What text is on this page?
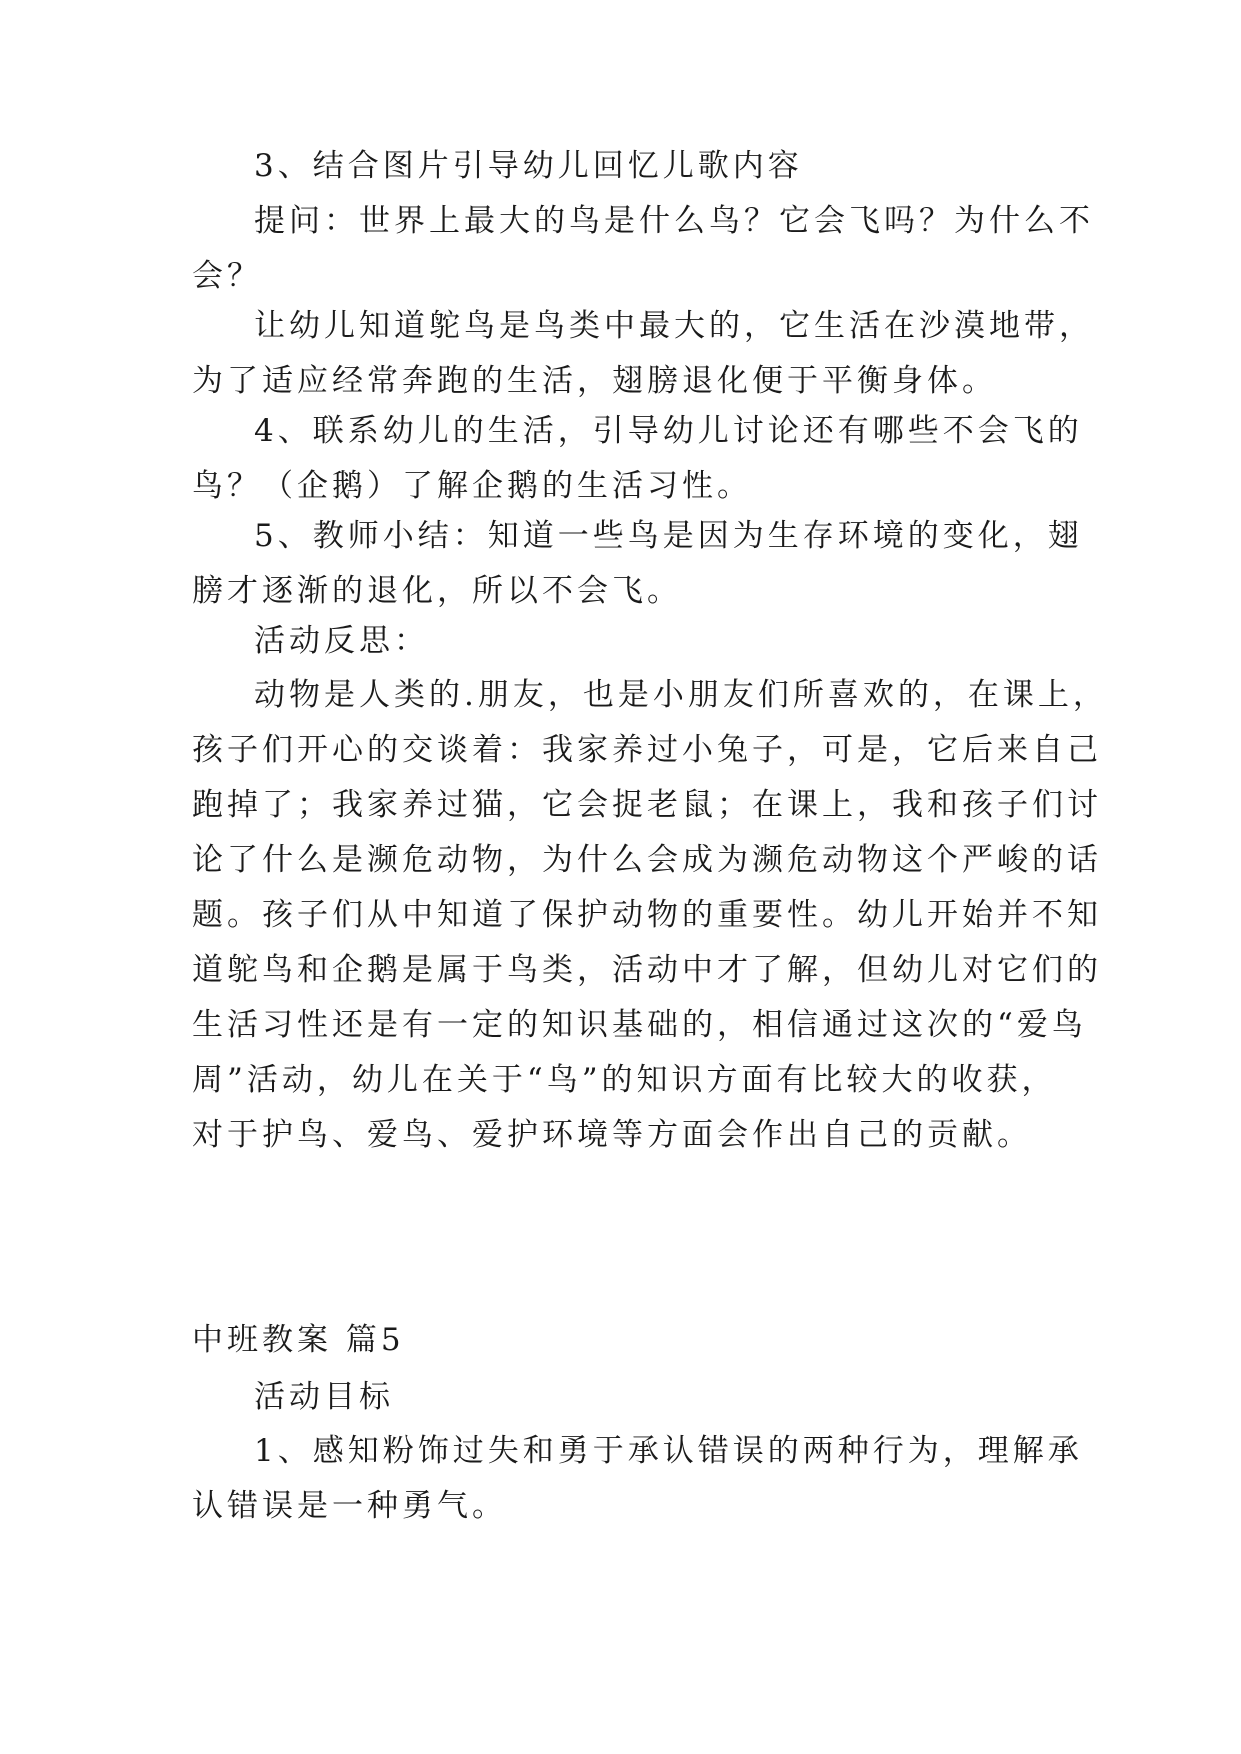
3、结合图片引导幼儿回忆儿歌内容

提问：世界上最大的鸟是什么鸟？它会飞吗？为什么不
会？

让幼儿知道鸵鸟是鸟类中最大的，它生活在沙漠地带，
为了适应经常奔跑的生活，翅膀退化便于平衡身体。

4、联系幼儿的生活，引导幼儿讨论还有哪些不会飞的
鸟？（企鹅）了解企鹅的生活习性。

5、教师小结：知道一些鸟是因为生存环境的变化，翅
膀才逐渐的退化，所以不会飞。

活动反思：

动物是人类的.朋友，也是小朋友们所喜欢的，在课上，
孩子们开心的交谈着：我家养过小兔子，可是，它后来自己
跑掉了；我家养过猫，它会捉老鼠；在课上，我和孩子们讨
论了什么是濒危动物，为什么会成为濒危动物这个严峻的话
题。孩子们从中知道了保护动物的重要性。幼儿开始并不知
道鸵鸟和企鹅是属于鸟类，活动中才了解，但幼儿对它们的
生活习性还是有一定的知识基础的，相信通过这次的“爱鸟
周”活动，幼儿在关于“鸟”的知识方面有比较大的收获，
对于护鸟、爱鸟、爱护环境等方面会作出自己的贡献。

中班教案 篇5

活动目标

1、感知粉饰过失和勇于承认错误的两种行为，理解承
认错误是一种勇气。
